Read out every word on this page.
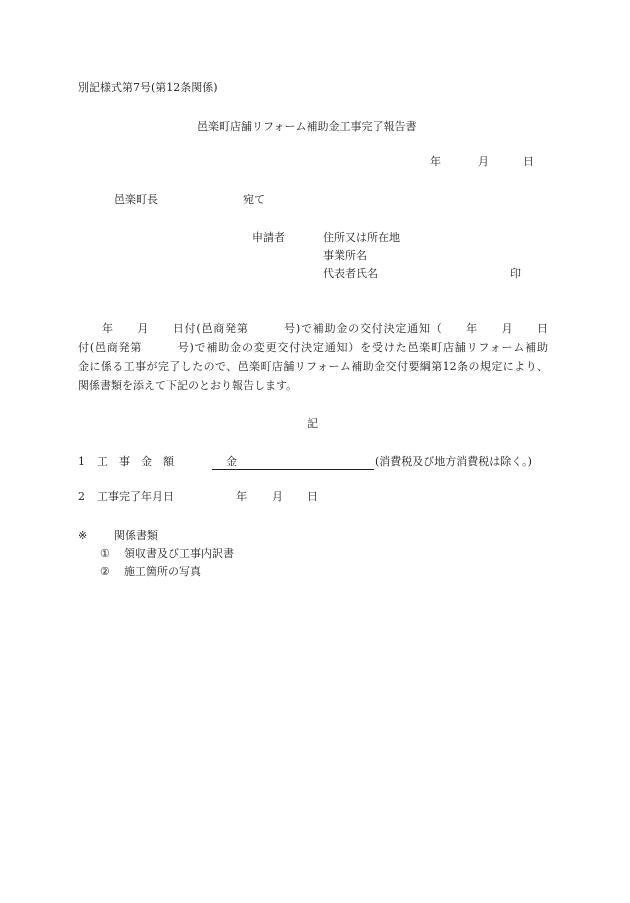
別記様式第7号(第12条関係)
邑楽町店舗リフォーム補助金工事完了報告書
年	月	日
邑楽町長	宛て
申請者	住所又は所在地
事業所名
代表者氏名	印
年　　月　　日付(邑商発第　　　号)で補助金の交付決定通知（　　年　　月　　日
付(邑商発第　　　号)で補助金の変更交付決定通知）を受けた邑楽町店舗リフォーム補助
金に係る工事が完了したので、邑楽町店舗リフォーム補助金交付要綱第12条の規定により、
関係書類を添えて下記のとおり報告します。
記
1 工　事　金　額	金	(消費税及び地方消費税は除く。)
2 工事完了年月日	年 月 日
※ 関係書類
① 領収書及び工事内訳書
② 施工箇所の写真
